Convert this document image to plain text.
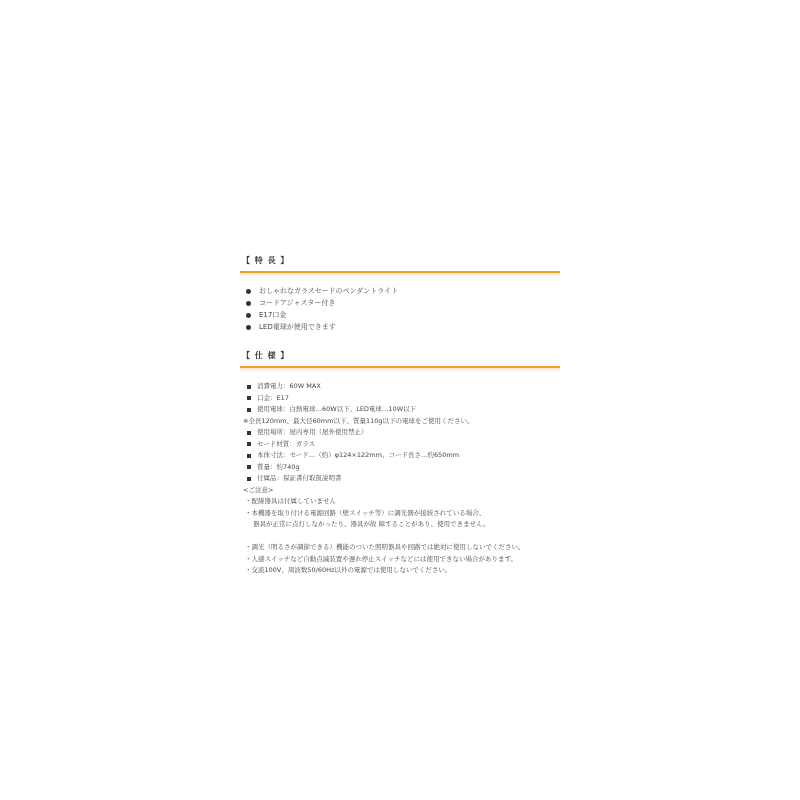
【 特 長 】
おしゃれなガラスセードのペンダントライト
コードアジャスター付き
E17口金
LED電球が使用できます
【 仕 様 】
消費電力：60W MAX
口金：E17
使用電球：白熱電球…60W以下、LED電球…10W以下
※全長120mm、最大径60mm以下、質量110g以下の電球をご使用ください。
使用場所：屋内専用（屋外使用禁止）
セード材質：ガラス
本体寸法：セード…（約）φ124×122mm、コード長さ…約650mm
質量：約740g
付属品：保証書付取扱説明書
<ご注意>
・配線器具は付属していません
・本機器を取り付ける電源回路（壁スイッチ等）に調光器が接続されている場合、
器具が正常に点灯しなかったり、器具が故 障することがあり、使用できません。
・調光（明るさが調節できる）機能のついた照明器具や回路では絶対に使用しないでください。
・人感スイッチなど自動点滅装置や遅れ停止スイッチなどには使用できない場合があります。
・交流100V、周波数50/60Hz以外の電源では使用しないでください。
